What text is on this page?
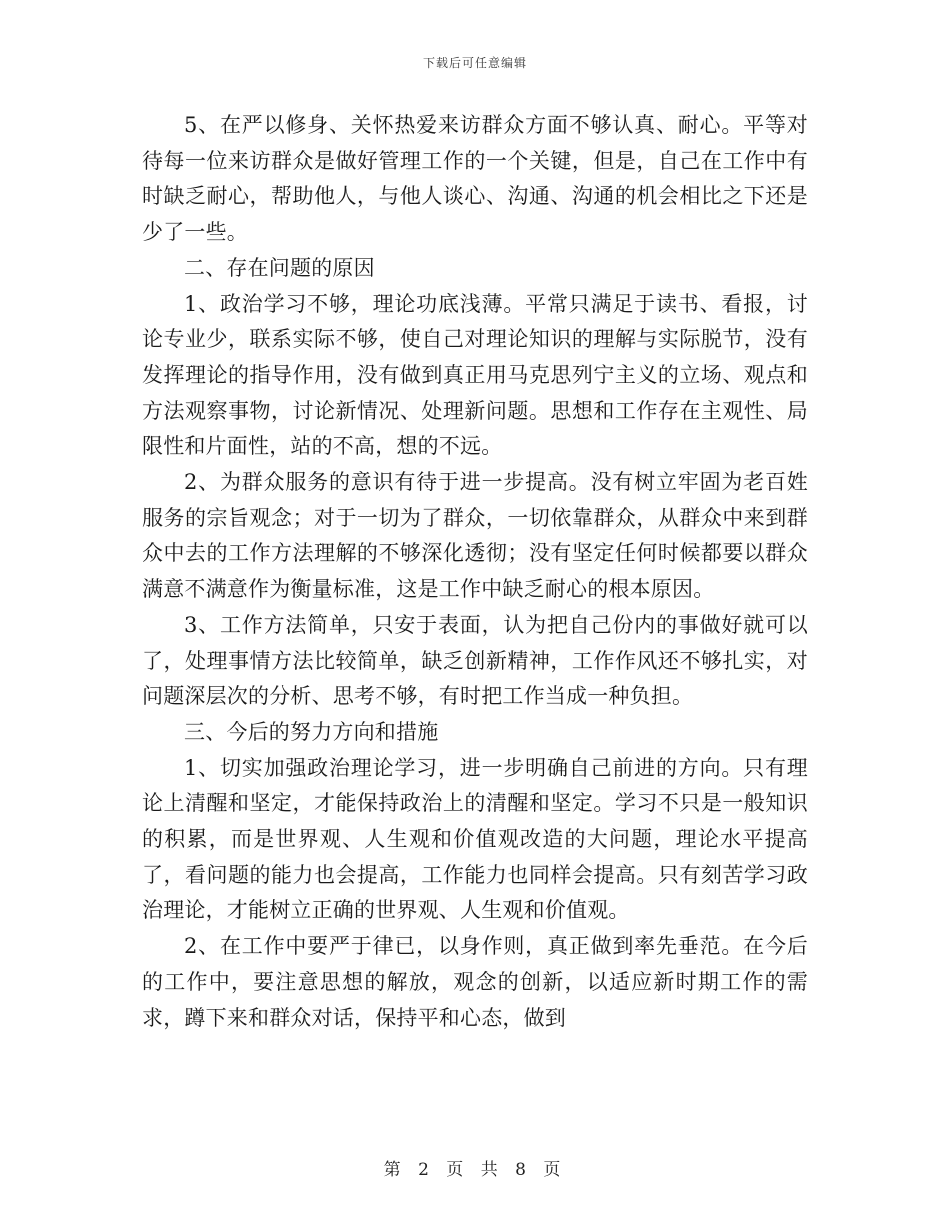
下载后可任意编辑

5、在严以修身、关怀热爱来访群众方面不够认真、耐心。平等对待每一位来访群众是做好管理工作的一个关键，但是，自己在工作中有时缺乏耐心，帮助他人，与他人谈心、沟通、沟通的机会相比之下还是少了一些。

二、存在问题的原因

1、政治学习不够，理论功底浅薄。平常只满足于读书、看报，讨论专业少，联系实际不够，使自己对理论知识的理解与实际脱节，没有发挥理论的指导作用，没有做到真正用马克思列宁主义的立场、观点和方法观察事物，讨论新情况、处理新问题。思想和工作存在主观性、局限性和片面性，站的不高，想的不远。

2、为群众服务的意识有待于进一步提高。没有树立牢固为老百姓服务的宗旨观念；对于一切为了群众，一切依靠群众，从群众中来到群众中去的工作方法理解的不够深化透彻；没有坚定任何时候都要以群众满意不满意作为衡量标准，这是工作中缺乏耐心的根本原因。

3、工作方法简单，只安于表面，认为把自己份内的事做好就可以了，处理事情方法比较简单，缺乏创新精神，工作作风还不够扎实，对问题深层次的分析、思考不够，有时把工作当成一种负担。

三、今后的努力方向和措施

1、切实加强政治理论学习，进一步明确自己前进的方向。只有理论上清醒和坚定，才能保持政治上的清醒和坚定。学习不只是一般知识的积累，而是世界观、人生观和价值观改造的大问题，理论水平提高了，看问题的能力也会提高，工作能力也同样会提高。只有刻苦学习政治理论，才能树立正确的世界观、人生观和价值观。

2、在工作中要严于律已，以身作则，真正做到率先垂范。在今后的工作中，要注意思想的解放，观念的创新，以适应新时期工作的需求，蹲下来和群众对话，保持平和心态，做到

第 2 页 共 8 页
